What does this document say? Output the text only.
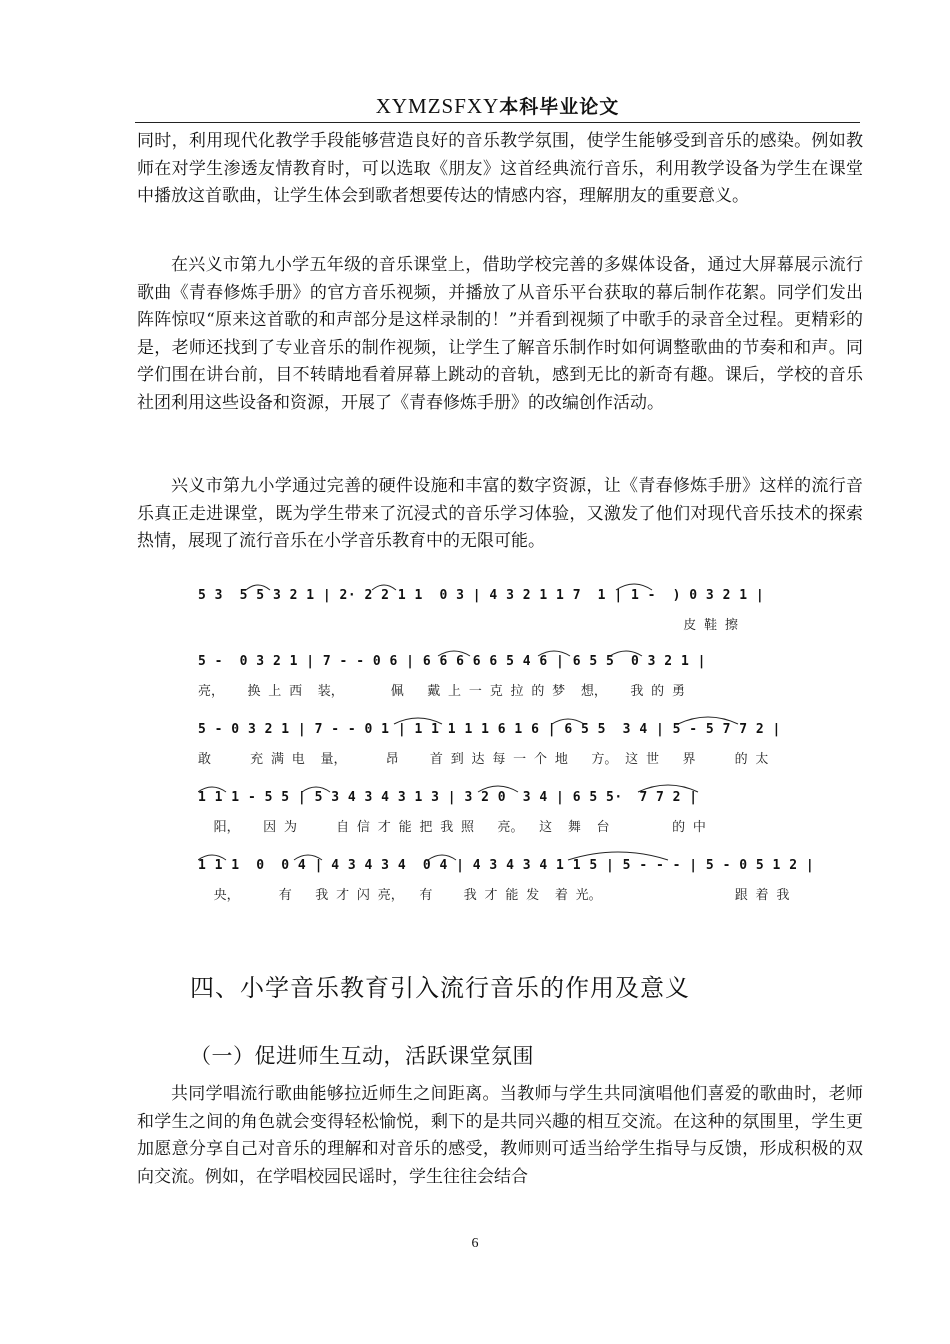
XYMZSFXY本科毕业论文

同时，利用现代化教学手段能够营造良好的音乐教学氛围，使学生能够受到音乐的感染。例如教师在对学生渗透友情教育时，可以选取《朋友》这首经典流行音乐，利用教学设备为学生在课堂中播放这首歌曲，让学生体会到歌者想要传达的情感内容，理解朋友的重要意义。

在兴义市第九小学五年级的音乐课堂上，借助学校完善的多媒体设备，通过大屏幕展示流行歌曲《青春修炼手册》的官方音乐视频，并播放了从音乐平台获取的幕后制作花絮。同学们发出阵阵惊叹“原来这首歌的和声部分是这样录制的！”并看到视频了中歌手的录音全过程。更精彩的是，老师还找到了专业音乐的制作视频，让学生了解音乐制作时如何调整歌曲的节奏和和声。同学们围在讲台前，目不转睛地看着屏幕上跳动的音轨，感到无比的新奇有趣。课后，学校的音乐社团利用这些设备和资源，开展了《青春修炼手册》的改编创作活动。

兴义市第九小学通过完善的硬件设施和丰富的数字资源，让《青春修炼手册》这样的流行音乐真正走进课堂，既为学生带来了沉浸式的音乐学习体验，又激发了他们对现代音乐技术的探索热情，展现了流行音乐在小学音乐教育中的无限可能。

5 3  5 5 3 2 1 | 2· 2 2 1 1  0 3 | 4 3 2 1 1 7  1 | 1 -  ) 0 3 2 1 |
皮 鞋 擦
5 -  0 3 2 1 | 7 - - 0 6 | 6 6 6 6 6 5 4 6 | 6 5 5  0 3 2 1 |
亮，   换 上 西  装，      佩   戴 上 一 克 拉 的 梦  想，   我 的 勇
5 - 0 3 2 1 | 7 - - 0 1 | 1 1 1 1 1 6 1 6 | 6 5 5  3 4 | 5 - 5 7 7 2 |
敢     充 满 电  量，     昂    首 到 达 每 一 个 地   方。 这 世   界     的 太
1 1 1 - 5 5 | 5 3 4 3 4 3 1 3 | 3 2 0  3 4 | 6 5 5·  7 7 2 |
阳，   因 为     自 信 才 能 把 我 照   亮。  这  舞  台        的 中
1 1 1  0  0 4 | 4 3 4 3 4  0 4 | 4 3 4 3 4 1 1 5 | 5 - - - | 5 - 0 5 1 2 |
央，     有   我 才 闪 亮，  有    我 才 能 发  着 光。                 跟 着 我
四、小学音乐教育引入流行音乐的作用及意义
（一）促进师生互动，活跃课堂氛围

共同学唱流行歌曲能够拉近师生之间距离。当教师与学生共同演唱他们喜爱的歌曲时，老师和学生之间的角色就会变得轻松愉悦，剩下的是共同兴趣的相互交流。在这种的氛围里，学生更加愿意分享自己对音乐的理解和对音乐的感受，教师则可适当给学生指导与反馈，形成积极的双向交流。例如，在学唱校园民谣时，学生往往会结合

6
